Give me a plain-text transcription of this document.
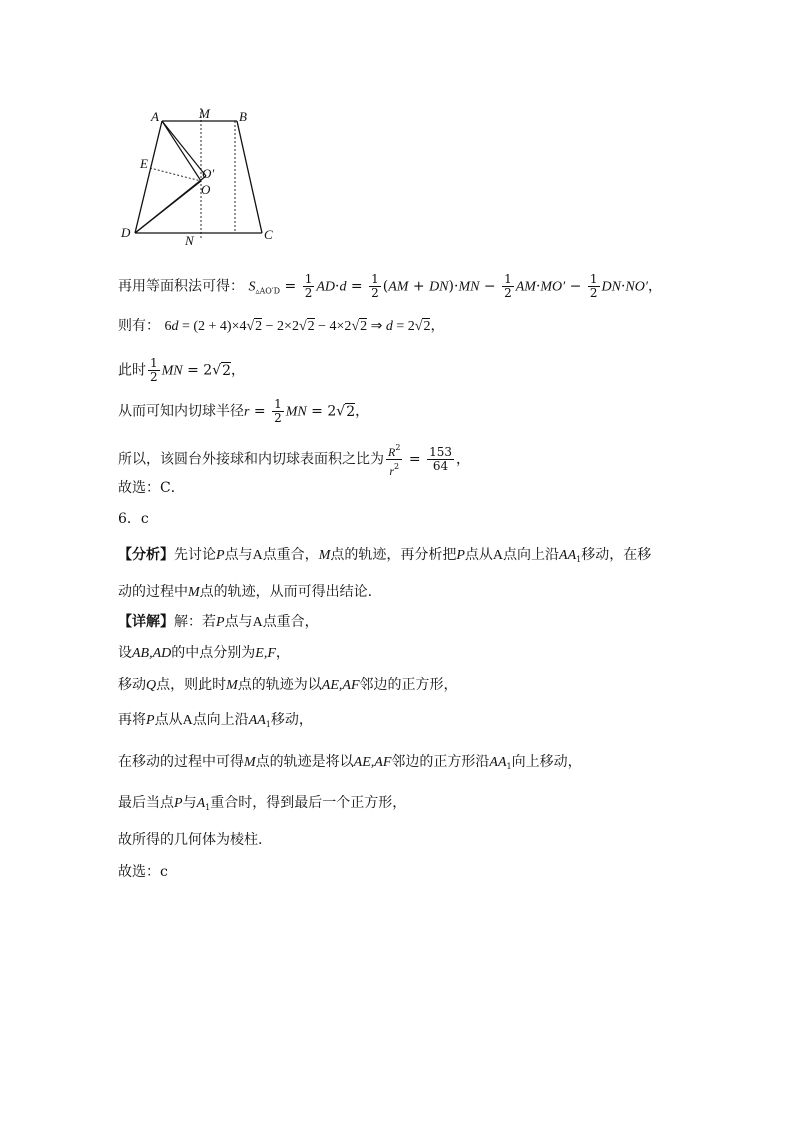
A	M B
E
O′
O
D
N	C
再用等面积法可得： $S_{▵AO'D} = \frac{1}{2} AD\cdot d = \frac{1}{2} (AM + DN)\cdot MN - \frac{1}{2} AM\cdot MO' - \frac{1}{2} DN\cdot NO'$，
则有： 6d = (2 + 4)×4√2 − 2×2√2 − 4×2√2 ⇒ d = 2√2，
此时 $\frac{1}{2}$ MN = 2√2，
从而可知内切球半径$r = \frac{1}{2}$ MN = 2√2，
所以，该圆台外接球和内切球表面积之比为 $\frac{R^2}{r^2} = \frac{153}{64}$ ，
故选：C．
6．c
【分析】先讨论P点与A点重合，M点的轨迹，再分析把P点从A点向上沿$AA_1$移动，在移
动的过程中M点的轨迹，从而可得出结论.
【详解】解：若P点与A点重合，
设AB,AD的中点分别为E,F，
移动Q点，则此时M点的轨迹为以AE,AF邻边的正方形，
再将P点从A点向上沿$AA_1$移动，
在移动的过程中可得M点的轨迹是将以AE,AF邻边的正方形沿$AA_1$向上移动，
最后当点P与$A_1$重合时，得到最后一个正方形，
故所得的几何体为棱柱.
故选：c
